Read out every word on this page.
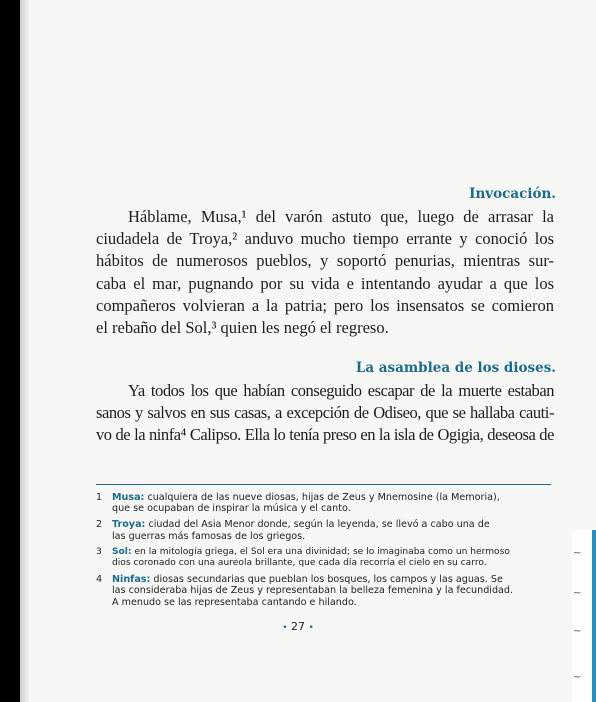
Invocación.
Háblame, Musa,¹ del varón astuto que, luego de arrasar la
ciudadela de Troya,² anduvo mucho tiempo errante y conoció los
hábitos de numerosos pueblos, y soportó penurias, mientras sur-
caba el mar, pugnando por su vida e intentando ayudar a que los
compañeros volvieran a la patria; pero los insensatos se comieron
el rebaño del Sol,³ quien les negó el regreso.
La asamblea de los dioses.
Ya todos los que habían conseguido escapar de la muerte estaban
sanos y salvos en sus casas, a excepción de Odiseo, que se hallaba cauti-
vo de la ninfa⁴ Calipso. Ella lo tenía preso en la isla de Ogigia, deseosa de
1 Musa: cualquiera de las nueve diosas, hijas de Zeus y Mnemosine (la Memoria),
que se ocupaban de inspirar la música y el canto.
2 Troya: ciudad del Asia Menor donde, según la leyenda, se llevó a cabo una de
las guerras más famosas de los griegos.
3 Sol: en la mitología griega, el Sol era una divinidad; se lo imaginaba como un hermoso
dios coronado con una aureola brillante, que cada día recorría el cielo en su carro.
4 Ninfas: diosas secundarias que pueblan los bosques, los campos y las aguas. Se
las consideraba hijas de Zeus y representaban la belleza femenina y la fecundidad.
A menudo se las representaba cantando e hilando.
• 27 •
~
~
~
~
